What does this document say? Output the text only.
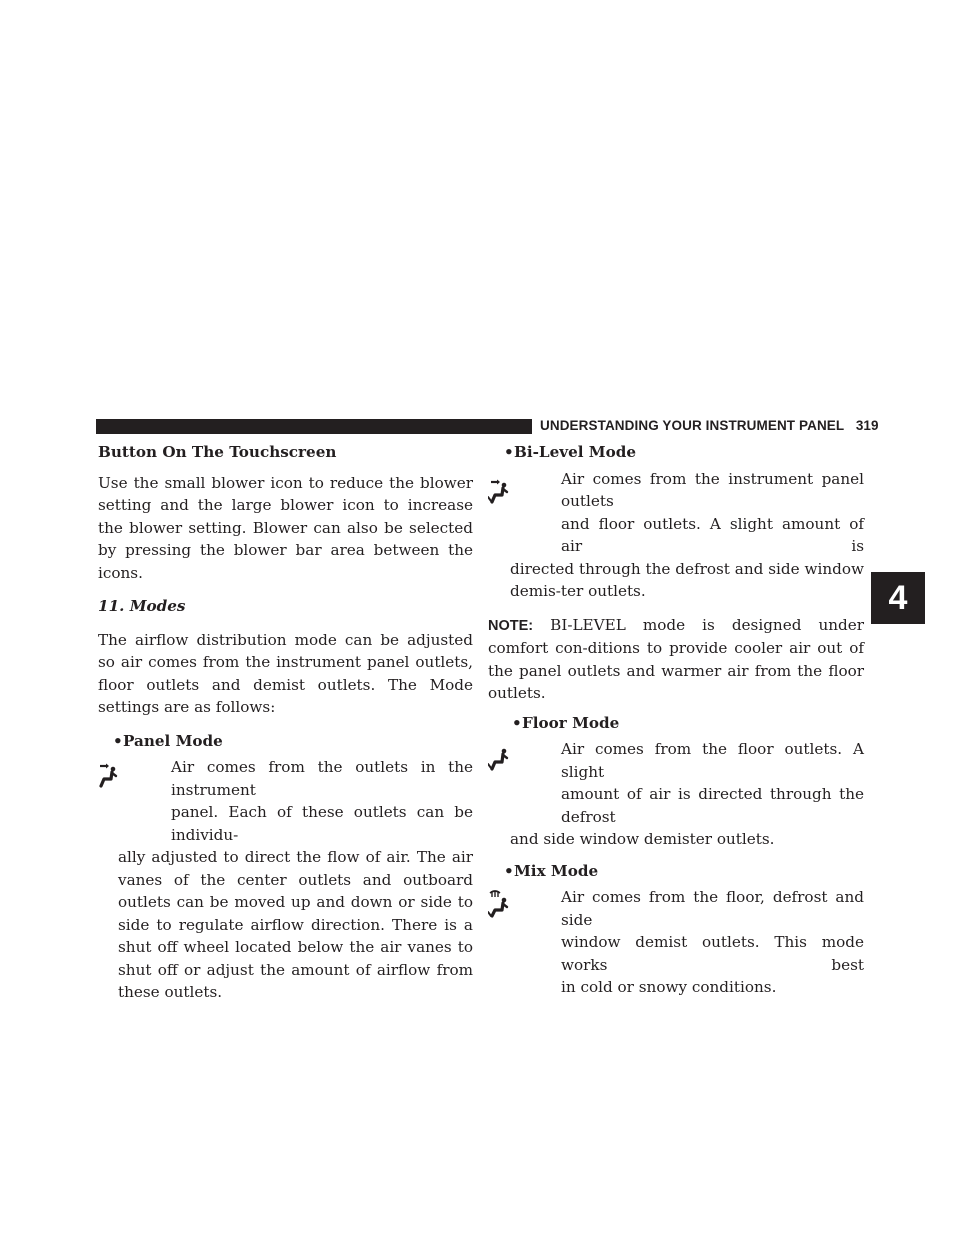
UNDERSTANDING YOUR INSTRUMENT PANEL 319
4

Button On The Touchscreen

Use the small blower icon to reduce the blower setting and the large blower icon to increase the blower setting. Blower can also be selected by pressing the blower bar area between the icons.

11. Modes

The airflow distribution mode can be adjusted so air comes from the instrument panel outlets, floor outlets and demist outlets. The Mode settings are as follows:

•Panel Mode

Air comes from the outlets in the instrument
panel. Each of these outlets can be individu-
ally adjusted to direct the flow of air. The air vanes of the center outlets and outboard outlets can be moved up and down or side to side to regulate airflow direction. There is a shut off wheel located below the air vanes to shut off or adjust the amount of airflow from these outlets.

•Bi-Level Mode

Air comes from the instrument panel outlets
and floor outlets. A slight amount of air is
directed through the defrost and side window demis-ter outlets.

NOTE: BI-LEVEL mode is designed under comfort con-ditions to provide cooler air out of the panel outlets and warmer air from the floor outlets.

•Floor Mode

Air comes from the floor outlets. A slight
amount of air is directed through the defrost
and side window demister outlets.

•Mix Mode

Air comes from the floor, defrost and side
window demist outlets. This mode works best
in cold or snowy conditions.
